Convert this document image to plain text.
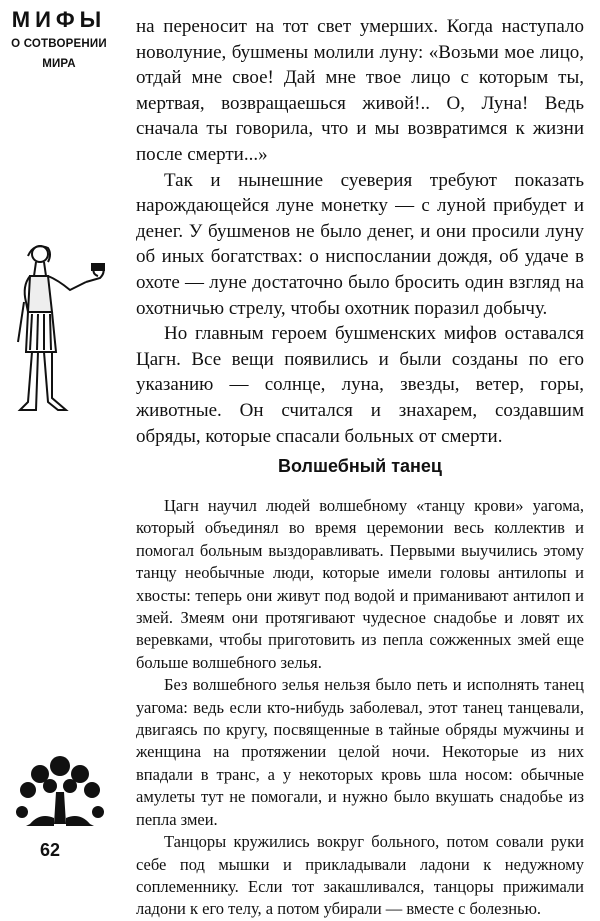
МИФЫ
О СОТВОРЕНИИ
МИРА
62

на переносит на тот свет умерших. Когда наступало новолуние, бушмены молили луну: «Возьми мое лицо, отдай мне свое! Дай мне твое лицо с которым ты, мертвая, возвращаешься живой!.. О, Луна! Ведь сначала ты говорила, что и мы возвратимся к жизни после смерти...»

Так и нынешние суеверия требуют показать нарождающейся луне монетку — с луной прибудет и денег. У бушменов не было денег, и они просили луну об иных богатствах: о ниспослании дождя, об удаче в охоте — луне достаточно было бросить один взгляд на охотничью стрелу, чтобы охотник поразил добычу.

Но главным героем бушменских мифов оставался Цагн. Все вещи появились и были созданы по его указанию — солнце, луна, звезды, ветер, горы, животные. Он считался и знахарем, создавшим обряды, которые спасали больных от смерти.

Волшебный танец

Цагн научил людей волшебному «танцу крови» уагома, который объединял во время церемонии весь коллектив и помогал больным выздоравливать. Первыми выучились этому танцу необычные люди, которые имели головы антилопы и хвосты: теперь они живут под водой и приманивают антилоп и змей. Змеям они протягивают чудесное снадобье и ловят их веревками, чтобы приготовить из пепла сожженных змей еще больше волшебного зелья.

Без волшебного зелья нельзя было петь и исполнять танец уагома: ведь если кто-нибудь заболевал, этот танец танцевали, двигаясь по кругу, посвященные в тайные обряды мужчины и женщина на протяжении целой ночи. Некоторые из них впадали в транс, а у некоторых кровь шла носом: обычные амулеты тут не помогали, и нужно было вкушать снадобье из пепла змеи.

Танцоры кружились вокруг больного, потом совали руки себе под мышки и прикладывали ладони к недужному соплеменнику. Если тот закашливался, танцоры прижимали ладони к его телу, а потом убирали — вместе с болезнью.
